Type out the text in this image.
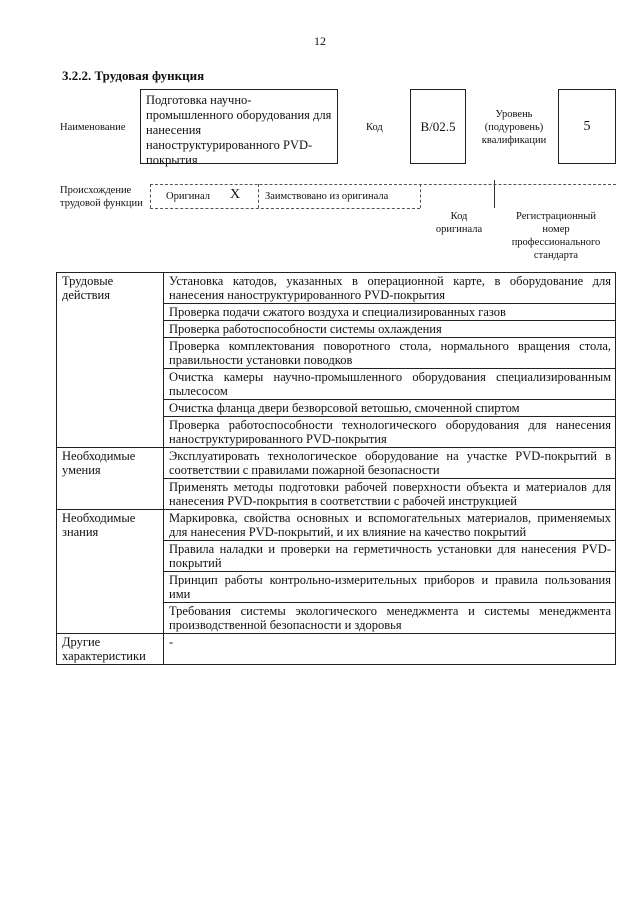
12
3.2.2. Трудовая функция
Наименование
Подготовка научно-промышленного оборудования для нанесения наноструктурированного PVD-покрытия
Код	B/02.5
Уровень (подуровень) квалификации
5
Происхождение трудовой функции
Оригинал X Заимствовано из оригинала
Код оригинала
Регистрационный номер профессионального стандарта
Трудовые действия	Установка катодов, указанных в операционной карте, в оборудование для нанесения наноструктурированного PVD-покрытия
	Проверка подачи сжатого воздуха и специализированных газов
	Проверка работоспособности системы охлаждения
	Проверка комплектования поворотного стола, нормального вращения стола, правильности установки поводков
	Очистка камеры научно-промышленного оборудования специализированным пылесосом
	Очистка фланца двери безворсовой ветошью, смоченной спиртом
	Проверка работоспособности технологического оборудования для нанесения наноструктурированного PVD-покрытия
Необходимые умения	Эксплуатировать технологическое оборудование на участке PVD-покрытий в соответствии с правилами пожарной безопасности
	Применять методы подготовки рабочей поверхности объекта и материалов для нанесения PVD-покрытия в соответствии с рабочей инструкцией
Необходимые знания	Маркировка, свойства основных и вспомогательных материалов, применяемых для нанесения PVD-покрытий, и их влияние на качество покрытий
	Правила наладки и проверки на герметичность установки для нанесения PVD-покрытий
	Принцип работы контрольно-измерительных приборов и правила пользования ими
	Требования системы экологического менеджмента и системы менеджмента производственной безопасности и здоровья
Другие характеристики	-
